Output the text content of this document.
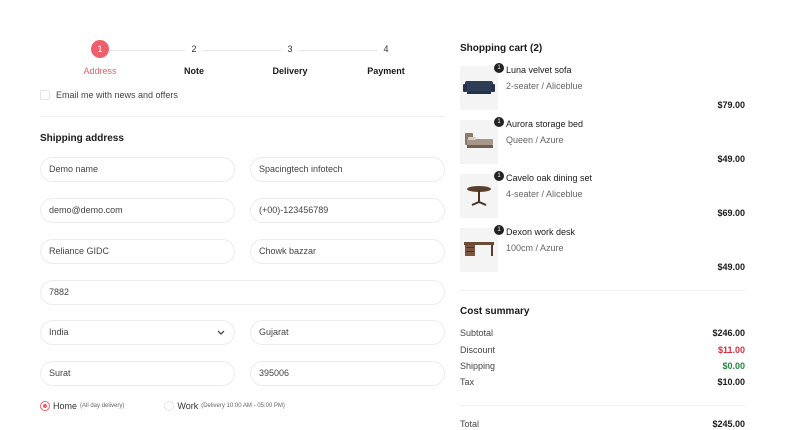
1
Address
2
Note
3
Delivery
4
Payment
Email me with news and offers
Shipping address
Demo name	Spacingtech infotech
demo@demo.com	(+00)-123456789
Reliance GIDC	Chowk bazzar
7882
India	Gujarat
Surat	395006
Home (All day delivery)	Work (Delivery 10:00 AM - 05:00 PM)
Shopping cart (2)
1 Luna velvet sofa
2-seater / Aliceblue
$79.00
1 Aurora storage bed
Queen / Azure
$49.00
1 Cavelo oak dining set
4-seater / Aliceblue
$69.00
1 Dexon work desk
100cm / Azure
$49.00
Cost summary
Subtotal	$246.00
Discount	$11.00
Shipping	$0.00
Tax	$10.00
Total	$245.00
